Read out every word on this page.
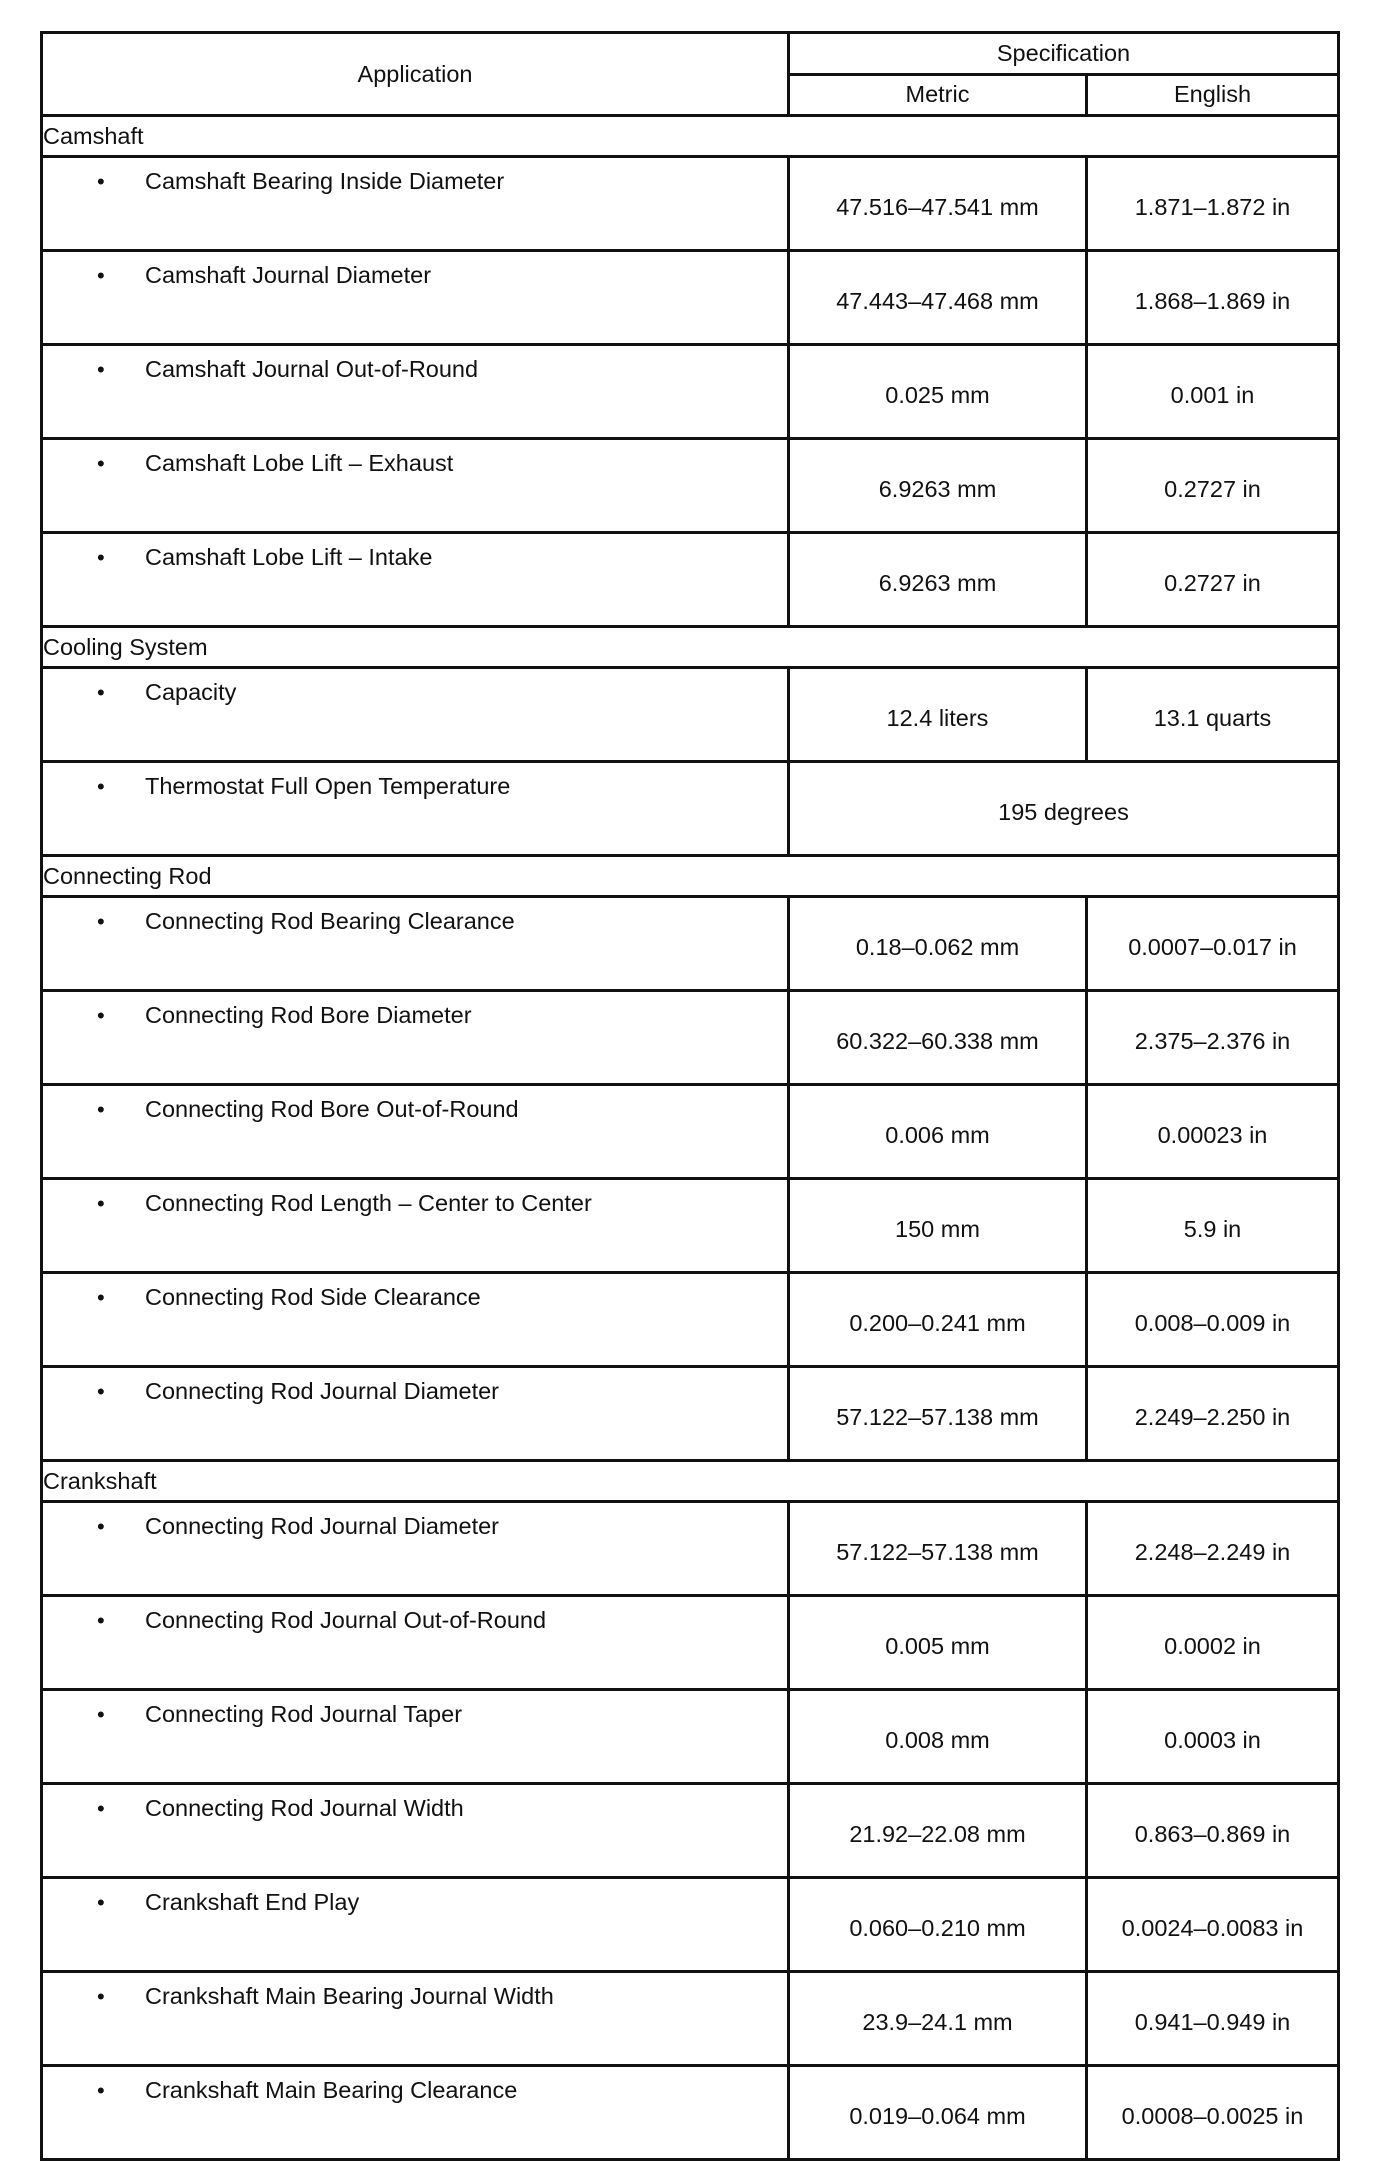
Application	Specification	
	Metric	English
Camshaft		
• Camshaft Bearing Inside Diameter	47.516–47.541 mm	1.871–1.872 in
• Camshaft Journal Diameter	47.443–47.468 mm	1.868–1.869 in
• Camshaft Journal Out-of-Round	0.025 mm	0.001 in
• Camshaft Lobe Lift – Exhaust	6.9263 mm	0.2727 in
• Camshaft Lobe Lift – Intake	6.9263 mm	0.2727 in
Cooling System		
• Capacity	12.4 liters	13.1 quarts
• Thermostat Full Open Temperature	195 degrees	
Connecting Rod		
• Connecting Rod Bearing Clearance	0.18–0.062 mm	0.0007–0.017 in
• Connecting Rod Bore Diameter	60.322–60.338 mm	2.375–2.376 in
• Connecting Rod Bore Out-of-Round	0.006 mm	0.00023 in
• Connecting Rod Length – Center to Center	150 mm	5.9 in
• Connecting Rod Side Clearance	0.200–0.241 mm	0.008–0.009 in
• Connecting Rod Journal Diameter	57.122–57.138 mm	2.249–2.250 in
Crankshaft		
• Connecting Rod Journal Diameter	57.122–57.138 mm	2.248–2.249 in
• Connecting Rod Journal Out-of-Round	0.005 mm	0.0002 in
• Connecting Rod Journal Taper	0.008 mm	0.0003 in
• Connecting Rod Journal Width	21.92–22.08 mm	0.863–0.869 in
• Crankshaft End Play	0.060–0.210 mm	0.0024–0.0083 in
• Crankshaft Main Bearing Journal Width	23.9–24.1 mm	0.941–0.949 in
• Crankshaft Main Bearing Clearance	0.019–0.064 mm	0.0008–0.0025 in
